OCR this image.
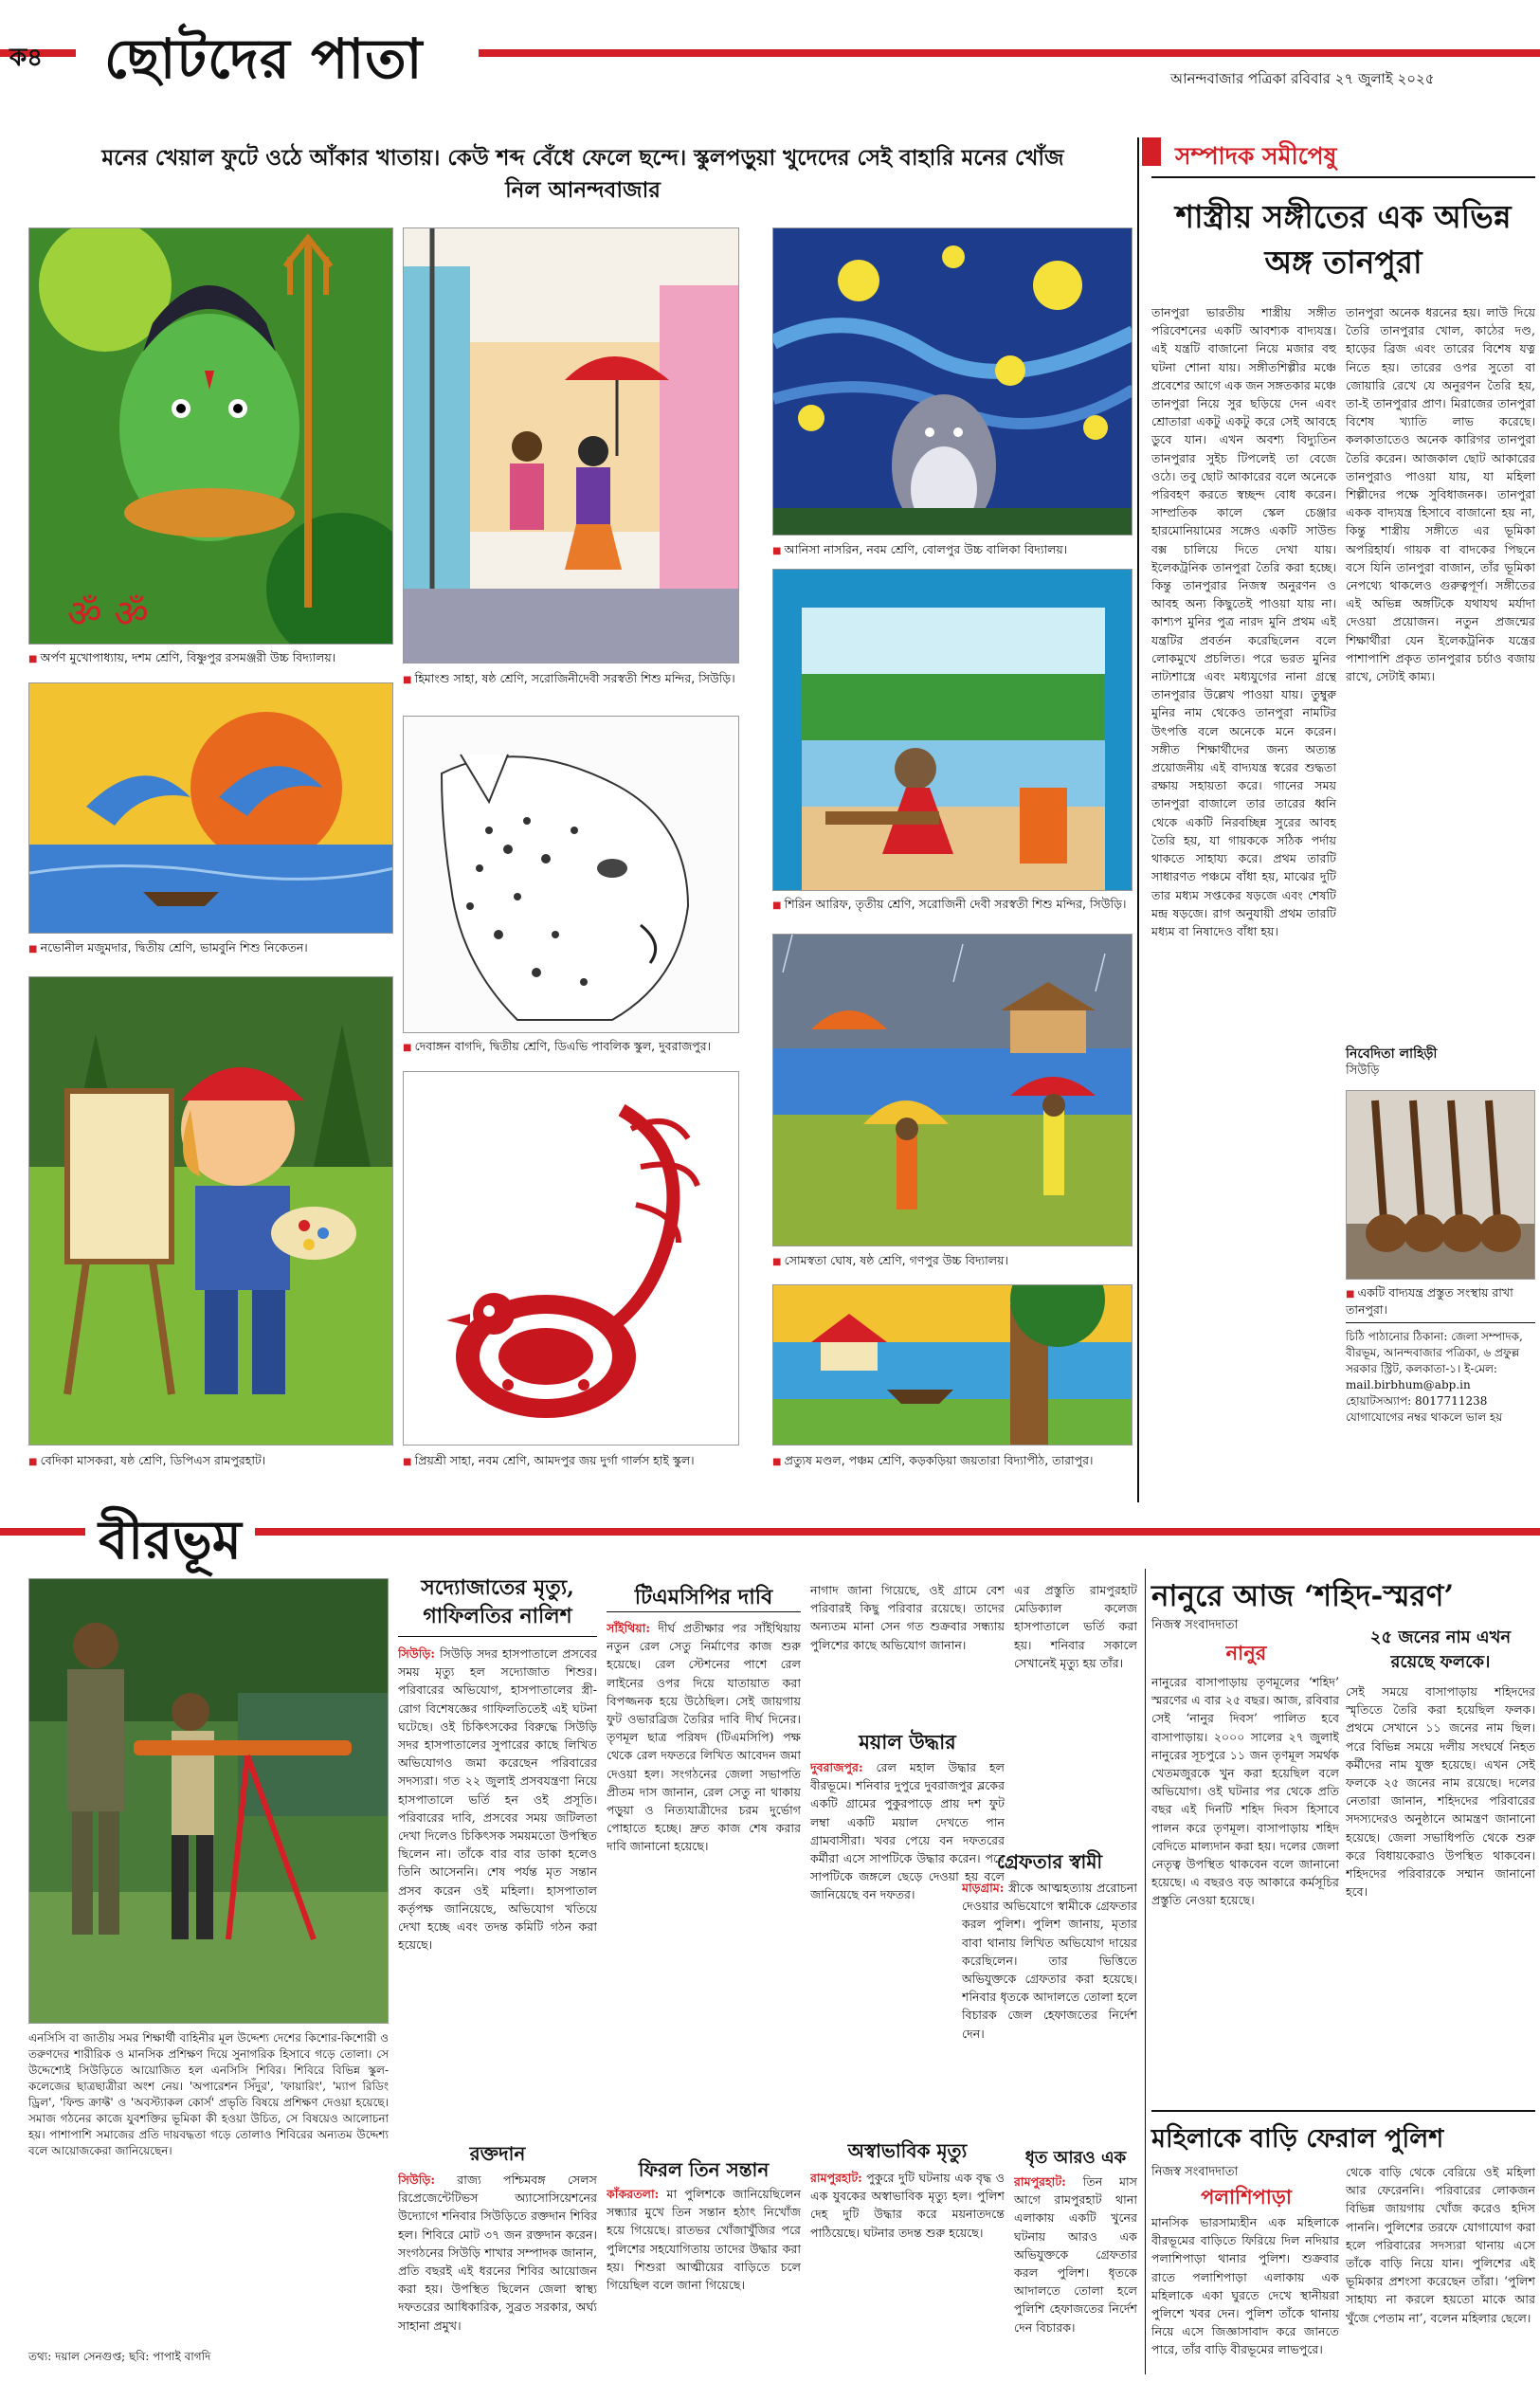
ক৪ ছোটদের পাতা	আনন্দবাজার পত্রিকা রবিবার ২৭ জুলাই ২০২৫
মনের খেয়াল ফুটে ওঠে আঁকার খাতায়। কেউ শব্দ বেঁধে ফেলে ছন্দে। স্কুলপড়ুয়া খুদেদের সেই বাহারি মনের খোঁজ
নিল আনন্দবাজার
ॐ ॐ
■ অর্পণ মুখোপাধ্যায়, দশম শ্রেণি, বিষ্ণুপুর রসমঞ্জরী উচ্চ বিদ্যালয়।
■ নভোনীল মজুমদার, দ্বিতীয় শ্রেণি, ভামবুনি শিশু নিকেতন।
■ বেদিকা মাসকরা, ষষ্ঠ শ্রেণি, ডিপিএস রামপুরহাট।
■ হিমাংশু সাহা, ষষ্ঠ শ্রেণি, সরোজিনীদেবী সরস্বতী শিশু মন্দির, সিউড়ি।
■ দেবাঙ্গন বাগদি, দ্বিতীয় শ্রেণি, ডিএভি পাবলিক স্কুল, দুবরাজপুর।
■ প্রিয়শ্রী সাহা, নবম শ্রেণি, আমদপুর জয় দুর্গা গার্লস হাই স্কুল।
■ আনিসা নাসরিন, নবম শ্রেণি, বোলপুর উচ্চ বালিকা বিদ্যালয়।
■ শিরিন আরিফ, তৃতীয় শ্রেণি, সরোজিনী দেবী সরস্বতী শিশু মন্দির, সিউড়ি।
■ সোমস্বতা ঘোষ, ষষ্ঠ শ্রেণি, গণপুর উচ্চ বিদ্যালয়।
■ প্রত্যুষ মণ্ডল, পঞ্চম শ্রেণি, কড়কড়িয়া জয়তারা বিদ্যাপীঠ, তারাপুর।
সম্পাদক সমীপেষু
শাস্ত্রীয় সঙ্গীতের এক অভিন্ন অঙ্গ তানপুরা
তানপুরা ভারতীয় শাস্ত্রীয় সঙ্গীত পরিবেশনের একটি আবশ্যক বাদ্যযন্ত্র। এই যন্ত্রটি বাজানো নিয়ে মজার বহু ঘটনা শোনা যায়। সঙ্গীতশিল্পীর মঞ্চে প্রবেশের আগে এক জন সঙ্গতকার মঞ্চে তানপুরা নিয়ে সুর ছড়িয়ে দেন এবং শ্রোতারা একটু একটু করে সেই আবহে ডুবে যান। এখন অবশ্য বিদ্যুতিন তানপুরার সুইচ টিপলেই তা বেজে ওঠে। তবু ছোট আকারের বলে অনেকে পরিবহণ করতে স্বচ্ছন্দ বোধ করেন। সাম্প্রতিক কালে স্কেল চেঞ্জার হারমোনিয়ামের সঙ্গেও একটি সাউন্ড বক্স চালিয়ে দিতে দেখা যায়। ইলেকট্রনিক তানপুরা তৈরি করা হচ্ছে। কিন্তু তানপুরার নিজস্ব অনুরণন ও আবহ অন্য কিছুতেই পাওয়া যায় না। কাশ্যপ মুনির পুত্র নারদ মুনি প্রথম এই যন্ত্রটির প্রবর্তন করেছিলেন বলে লোকমুখে প্রচলিত। পরে ভরত মুনির নাট্যশাস্ত্রে এবং মধ্যযুগের নানা গ্রন্থে তানপুরার উল্লেখ পাওয়া যায়। তুম্বুরু মুনির নাম থেকেও তানপুরা নামটির উৎপত্তি বলে অনেকে মনে করেন। সঙ্গীত শিক্ষার্থীদের জন্য অত্যন্ত প্রয়োজনীয় এই বাদ্যযন্ত্র স্বরের শুদ্ধতা রক্ষায় সহায়তা করে। গানের সময় তানপুরা বাজালে তার তারের ধ্বনি থেকে একটি নিরবচ্ছিন্ন সুরের আবহ তৈরি হয়, যা গায়ককে সঠিক পর্দায় থাকতে সাহায্য করে। প্রথম তারটি সাধারণত পঞ্চমে বাঁধা হয়, মাঝের দুটি তার মধ্যম সপ্তকের ষড়জে এবং শেষটি মন্দ্র ষড়জে। রাগ অনুযায়ী প্রথম তারটি মধ্যম বা নিষাদেও বাঁধা হয়।
তানপুরা অনেক ধরনের হয়। লাউ দিয়ে তৈরি তানপুরার খোল, কাঠের দণ্ড, হাড়ের ব্রিজ এবং তারের বিশেষ যত্ন নিতে হয়। তারের ওপর সুতো বা জোয়ারি রেখে যে অনুরণন তৈরি হয়, তা-ই তানপুরার প্রাণ। মিরাজের তানপুরা বিশেষ খ্যাতি লাভ করেছে। কলকাতাতেও অনেক কারিগর তানপুরা তৈরি করেন। আজকাল ছোট আকারের তানপুরাও পাওয়া যায়, যা মহিলা শিল্পীদের পক্ষে সুবিধাজনক। তানপুরা একক বাদ্যযন্ত্র হিসাবে বাজানো হয় না, কিন্তু শাস্ত্রীয় সঙ্গীতে এর ভূমিকা অপরিহার্য। গায়ক বা বাদকের পিছনে বসে যিনি তানপুরা বাজান, তাঁর ভূমিকা নেপথ্যে থাকলেও গুরুত্বপূর্ণ। সঙ্গীতের এই অভিন্ন অঙ্গটিকে যথাযথ মর্যাদা দেওয়া প্রয়োজন। নতুন প্রজন্মের শিক্ষার্থীরা যেন ইলেকট্রনিক যন্ত্রের পাশাপাশি প্রকৃত তানপুরার চর্চাও বজায় রাখে, সেটাই কাম্য।
নিবেদিতা লাহিড়ী
সিউড়ি
■ একটি বাদ্যযন্ত্র প্রস্তুত সংস্থায় রাখা তানপুরা।
চিঠি পাঠানোর ঠিকানা: জেলা সম্পাদক, বীরভূম, আনন্দবাজার পত্রিকা, ৬ প্রফুল্ল সরকার স্ট্রিট, কলকাতা-১। ই-মেল: mail.birbhum@abp.in হোয়াটসঅ্যাপ: 8017711238 যোগাযোগের নম্বর থাকলে ভাল হয়
বীরভূম
এনসিসি বা জাতীয় সমর শিক্ষার্থী বাহিনীর মূল উদ্দেশ্য দেশের কিশোর-কিশোরী ও তরুণদের শারীরিক ও মানসিক প্রশিক্ষণ দিয়ে সুনাগরিক হিসাবে গড়ে তোলা। সে উদ্দেশ্যেই সিউড়িতে আয়োজিত হল এনসিসি শিবির। শিবিরে বিভিন্ন স্কুল-কলেজের ছাত্রছাত্রীরা অংশ নেয়। 'অপারেশন সিঁদুর', 'ফায়ারিং', 'ম্যাপ রিডিং ড্রিল', 'ফিল্ড ক্রাফ্ট' ও 'অবস্ট্যাকল কোর্স' প্রভৃতি বিষয়ে প্রশিক্ষণ দেওয়া হয়েছে। সমাজ গঠনের কাজে যুবশক্তির ভূমিকা কী হওয়া উচিত, সে বিষয়েও আলোচনা হয়। পাশাপাশি সমাজের প্রতি দায়বদ্ধতা গড়ে তোলাও শিবিরের অন্যতম উদ্দেশ্য বলে আয়োজকেরা জানিয়েছেন।
তথ্য: দয়াল সেনগুপ্ত; ছবি: পাপাই বাগদি
সদ্যোজাতের মৃত্যু, গাফিলতির নালিশ
সিউড়ি: সিউড়ি সদর হাসপাতালে প্রসবের সময় মৃত্যু হল সদ্যোজাত শিশুর। পরিবারের অভিযোগ, হাসপাতালের স্ত্রী-রোগ বিশেষজ্ঞের গাফিলতিতেই এই ঘটনা ঘটেছে। ওই চিকিৎসকের বিরুদ্ধে সিউড়ি সদর হাসপাতালের সুপারের কাছে লিখিত অভিযোগও জমা করেছেন পরিবারের সদস্যরা। গত ২২ জুলাই প্রসবযন্ত্রণা নিয়ে হাসপাতালে ভর্তি হন ওই প্রসূতি। পরিবারের দাবি, প্রসবের সময় জটিলতা দেখা দিলেও চিকিৎসক সময়মতো উপস্থিত ছিলেন না। তাঁকে বার বার ডাকা হলেও তিনি আসেননি। শেষ পর্যন্ত মৃত সন্তান প্রসব করেন ওই মহিলা। হাসপাতাল কর্তৃপক্ষ জানিয়েছে, অভিযোগ খতিয়ে দেখা হচ্ছে এবং তদন্ত কমিটি গঠন করা হয়েছে।
রক্তদান
সিউড়ি: রাজ্য পশ্চিমবঙ্গ সেলস রিপ্রেজেন্টেটিভস অ্যাসোসিয়েশনের উদ্যোগে শনিবার সিউড়িতে রক্তদান শিবির হল। শিবিরে মোট ৩৭ জন রক্তদান করেন। সংগঠনের সিউড়ি শাখার সম্পাদক জানান, প্রতি বছরই এই ধরনের শিবির আয়োজন করা হয়। উপস্থিত ছিলেন জেলা স্বাস্থ্য দফতরের আধিকারিক, সুব্রত সরকার, অর্ঘ্য সাহানা প্রমুখ।
টিএমসিপির দাবি
সাঁইথিয়া: দীর্ঘ প্রতীক্ষার পর সাঁইথিয়ায় নতুন রেল সেতু নির্মাণের কাজ শুরু হয়েছে। রেল স্টেশনের পাশে রেল লাইনের ওপর দিয়ে যাতায়াত করা বিপজ্জনক হয়ে উঠেছিল। সেই জায়গায় ফুট ওভারব্রিজ তৈরির দাবি দীর্ঘ দিনের। তৃণমূল ছাত্র পরিষদ (টিএমসিপি) পক্ষ থেকে রেল দফতরে লিখিত আবেদন জমা দেওয়া হল। সংগঠনের জেলা সভাপতি প্রীতম দাস জানান, রেল সেতু না থাকায় পড়ুয়া ও নিত্যযাত্রীদের চরম দুর্ভোগ পোহাতে হচ্ছে। দ্রুত কাজ শেষ করার দাবি জানানো হয়েছে।
ফিরল তিন সন্তান
কাঁকরতলা: মা পুলিশকে জানিয়েছিলেন সন্ধ্যার মুখে তিন সন্তান হঠাৎ নিখোঁজ হয়ে গিয়েছে। রাতভর খোঁজাখুঁজির পরে পুলিশের সহযোগিতায় তাদের উদ্ধার করা হয়। শিশুরা আত্মীয়ের বাড়িতে চলে গিয়েছিল বলে জানা গিয়েছে।
নাগাদ জানা গিয়েছে, ওই গ্রামে বেশ পরিবারই কিছু পরিবার রয়েছে। তাদের অন্যতম মানা সেন গত শুক্রবার সন্ধ্যায় পুলিশের কাছে অভিযোগ জানান।
ময়াল উদ্ধার
দুবরাজপুর: রেল মহাল উদ্ধার হল বীরভূমে। শনিবার দুপুরে দুবরাজপুর ব্লকের একটি গ্রামের পুকুরপাড়ে প্রায় দশ ফুট লম্বা একটি ময়াল দেখতে পান গ্রামবাসীরা। খবর পেয়ে বন দফতরের কর্মীরা এসে সাপটিকে উদ্ধার করেন। পরে সাপটিকে জঙ্গলে ছেড়ে দেওয়া হয় বলে জানিয়েছে বন দফতর।
অস্বাভাবিক মৃত্যু
রামপুরহাট: পুকুরে দুটি ঘটনায় এক বৃদ্ধ ও এক যুবকের অস্বাভাবিক মৃত্যু হল। পুলিশ দেহ দুটি উদ্ধার করে ময়নাতদন্তে পাঠিয়েছে। ঘটনার তদন্ত শুরু হয়েছে।
এর প্রস্তুতি রামপুরহাট মেডিক্যাল কলেজ হাসপাতালে ভর্তি করা হয়। শনিবার সকালে সেখানেই মৃত্যু হয় তাঁর।
গ্রেফতার স্বামী
মাড়গ্রাম: স্ত্রীকে আত্মহত্যায় প্ররোচনা দেওয়ার অভিযোগে স্বামীকে গ্রেফতার করল পুলিশ। পুলিশ জানায়, মৃতার বাবা থানায় লিখিত অভিযোগ দায়ের করেছিলেন। তার ভিত্তিতে অভিযুক্তকে গ্রেফতার করা হয়েছে। শনিবার ধৃতকে আদালতে তোলা হলে বিচারক জেল হেফাজতের নির্দেশ দেন।
ধৃত আরও এক
রামপুরহাট: তিন মাস আগে রামপুরহাট থানা এলাকায় একটি খুনের ঘটনায় আরও এক অভিযুক্তকে গ্রেফতার করল পুলিশ। ধৃতকে আদালতে তোলা হলে পুলিশি হেফাজতের নির্দেশ দেন বিচারক।
নানুরে আজ ‘শহিদ-স্মরণ’
নিজস্ব সংবাদদাতা
নানুর
২৫ জনের নাম এখন রয়েছে ফলকে।
নানুরের বাসাপাড়ায় তৃণমূলের ‘শহিদ’ স্মরণের এ বার ২৫ বছর। আজ, রবিবার সেই ‘নানুর দিবস’ পালিত হবে বাসাপাড়ায়। ২০০০ সালের ২৭ জুলাই নানুরের সূচপুরে ১১ জন তৃণমূল সমর্থক খেতমজুরকে খুন করা হয়েছিল বলে অভিযোগ। ওই ঘটনার পর থেকে প্রতি বছর এই দিনটি শহিদ দিবস হিসাবে পালন করে তৃণমূল। বাসাপাড়ায় শহিদ বেদিতে মাল্যদান করা হয়। দলের জেলা নেতৃত্ব উপস্থিত থাকবেন বলে জানানো হয়েছে। এ বছরও বড় আকারে কর্মসূচির প্রস্তুতি নেওয়া হয়েছে।
সেই সময়ে বাসাপাড়ায় শহিদদের স্মৃতিতে তৈরি করা হয়েছিল ফলক। প্রথমে সেখানে ১১ জনের নাম ছিল। পরে বিভিন্ন সময়ে দলীয় সংঘর্ষে নিহত কর্মীদের নাম যুক্ত হয়েছে। এখন সেই ফলকে ২৫ জনের নাম রয়েছে। দলের নেতারা জানান, শহিদদের পরিবারের সদস্যদেরও অনুষ্ঠানে আমন্ত্রণ জানানো হয়েছে। জেলা সভাধিপতি থেকে শুরু করে বিধায়কেরাও উপস্থিত থাকবেন। শহিদদের পরিবারকে সম্মান জানানো হবে।
মহিলাকে বাড়ি ফেরাল পুলিশ
নিজস্ব সংবাদদাতা
পলাশিপাড়া
মানসিক ভারসাম্যহীন এক মহিলাকে বীরভূমের বাড়িতে ফিরিয়ে দিল নদিয়ার পলাশিপাড়া থানার পুলিশ। শুক্রবার রাতে পলাশিপাড়া এলাকায় এক মহিলাকে একা ঘুরতে দেখে স্থানীয়রা পুলিশে খবর দেন। পুলিশ তাঁকে থানায় নিয়ে এসে জিজ্ঞাসাবাদ করে জানতে পারে, তাঁর বাড়ি বীরভূমের লাভপুরে।
থেকে বাড়ি থেকে বেরিয়ে ওই মহিলা আর ফেরেননি। পরিবারের লোকজন বিভিন্ন জায়গায় খোঁজ করেও হদিস পাননি। পুলিশের তরফে যোগাযোগ করা হলে পরিবারের সদস্যরা থানায় এসে তাঁকে বাড়ি নিয়ে যান। পুলিশের এই ভূমিকার প্রশংসা করেছেন তাঁরা। ‘পুলিশ সাহায্য না করলে হয়তো মাকে আর খুঁজে পেতাম না’, বলেন মহিলার ছেলে।
